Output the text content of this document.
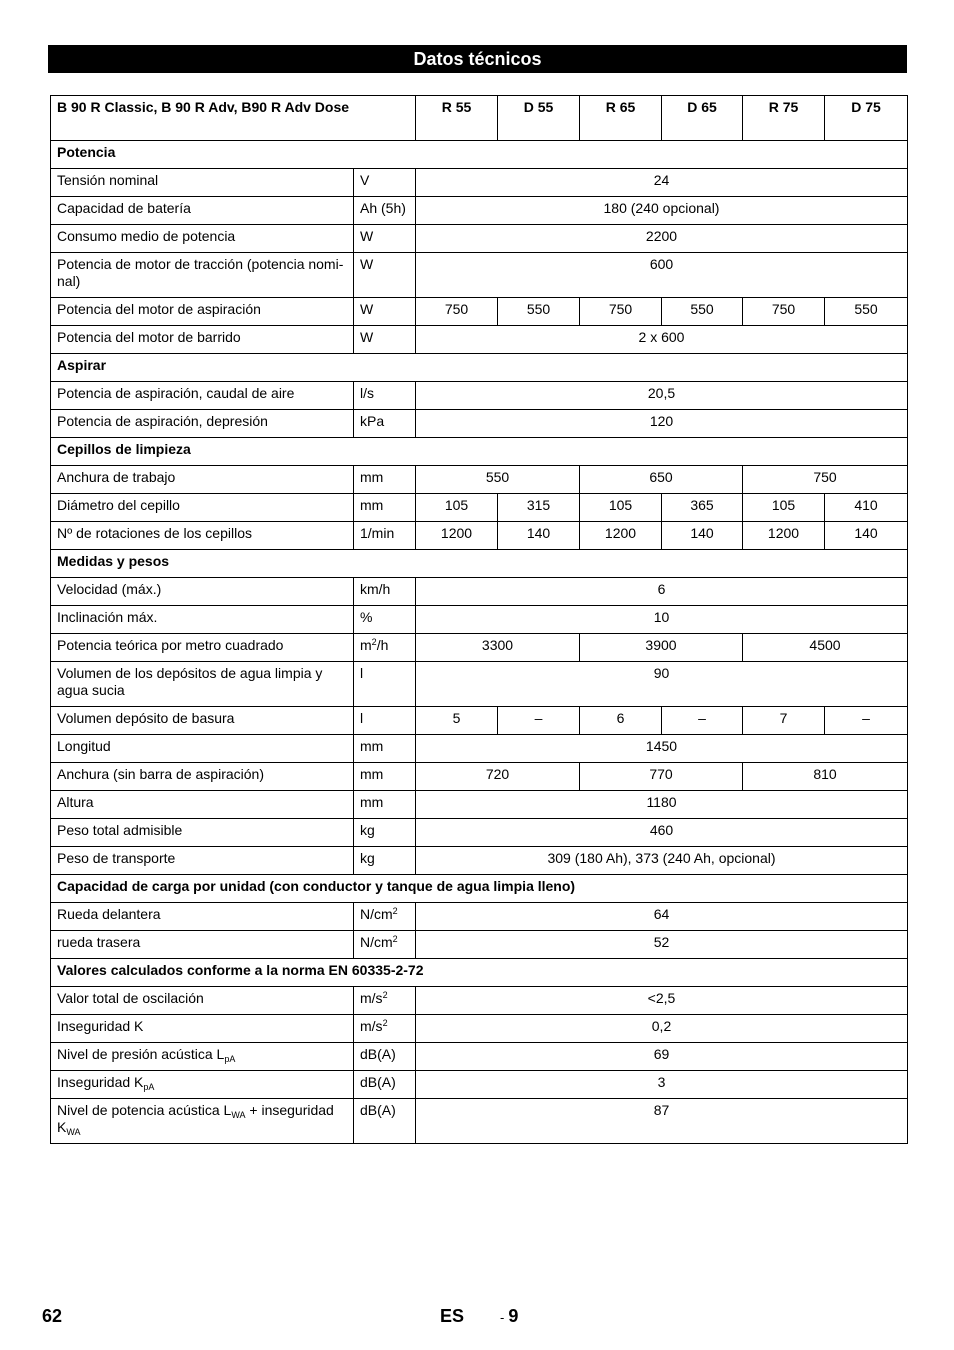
Datos técnicos
B 90 R Classic, B 90 R Adv, B90 R Adv Dose		R 55	D 55	R 65	D 65	R 75	D 75
Potencia							
Tensión nominal	V	24					
Capacidad de batería	Ah (5h)	180 (240 opcional)					
Consumo medio de potencia	W	2200					
Potencia de motor de tracción (potencia nomi-nal)	W	600					
Potencia del motor de aspiración	W	750	550	750	550	750	550
Potencia del motor de barrido	W	2 x 600					
Aspirar							
Potencia de aspiración, caudal de aire	l/s	20,5					
Potencia de aspiración, depresión	kPa	120					
Cepillos de limpieza							
Anchura de trabajo	mm	550		650		750	
Diámetro del cepillo	mm	105	315	105	365	105	410
Nº de rotaciones de los cepillos	1/min	1200	140	1200	140	1200	140
Medidas y pesos							
Velocidad (máx.)	km/h	6					
Inclinación máx.	%	10					
Potencia teórica por metro cuadrado	$m^2/h$	3300		3900		4500	
Volumen de los depósitos de agua limpia y agua sucia	l	90					
Volumen depósito de basura	l	5	–	6	–	7	–
Longitud	mm	1450					
Anchura (sin barra de aspiración)	mm	720		770		810	
Altura	mm	1180					
Peso total admisible	kg	460					
Peso de transporte	kg	309 (180 Ah), 373 (240 Ah, opcional)					
Capacidad de carga por unidad (con conductor y tanque de agua limpia lleno)							
Rueda delantera	$N/cm^2$	64					
rueda trasera	$N/cm^2$	52					
Valores calculados conforme a la norma EN 60335-2-72							
Valor total de oscilación	$m/s^2$	<2,5					
Inseguridad K	$m/s^2$	0,2					
Nivel de presión acústica $L_{pA}$	dB(A)	69					
Inseguridad $K_{pA}$	dB(A)	3					
Nivel de potencia acústica $L_{WA}$ + inseguridad $K_{WA}$	dB(A)	87					
62	ES	- 9
